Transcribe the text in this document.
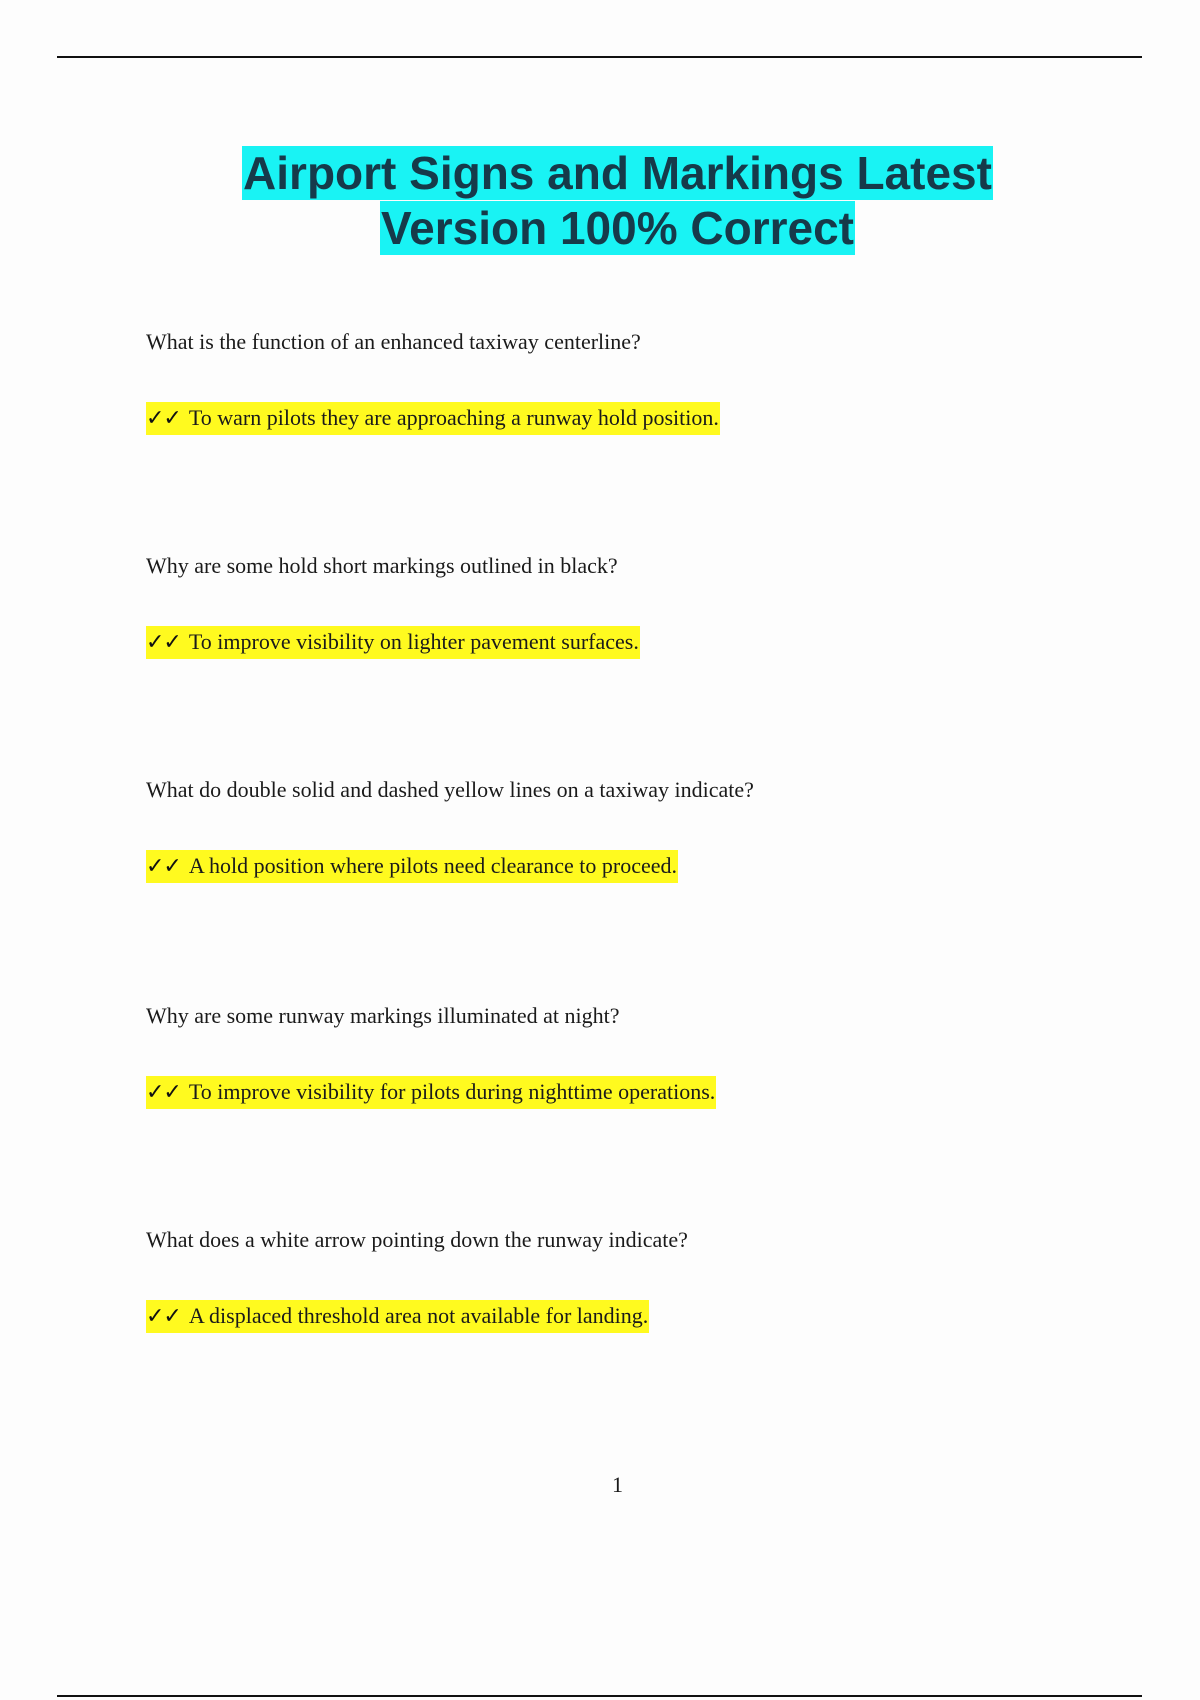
Airport Signs and Markings Latest
Version 100% Correct
What is the function of an enhanced taxiway centerline?
✓✓ To warn pilots they are approaching a runway hold position.
Why are some hold short markings outlined in black?
✓✓ To improve visibility on lighter pavement surfaces.
What do double solid and dashed yellow lines on a taxiway indicate?
✓✓ A hold position where pilots need clearance to proceed.
Why are some runway markings illuminated at night?
✓✓ To improve visibility for pilots during nighttime operations.
What does a white arrow pointing down the runway indicate?
✓✓ A displaced threshold area not available for landing.
1
